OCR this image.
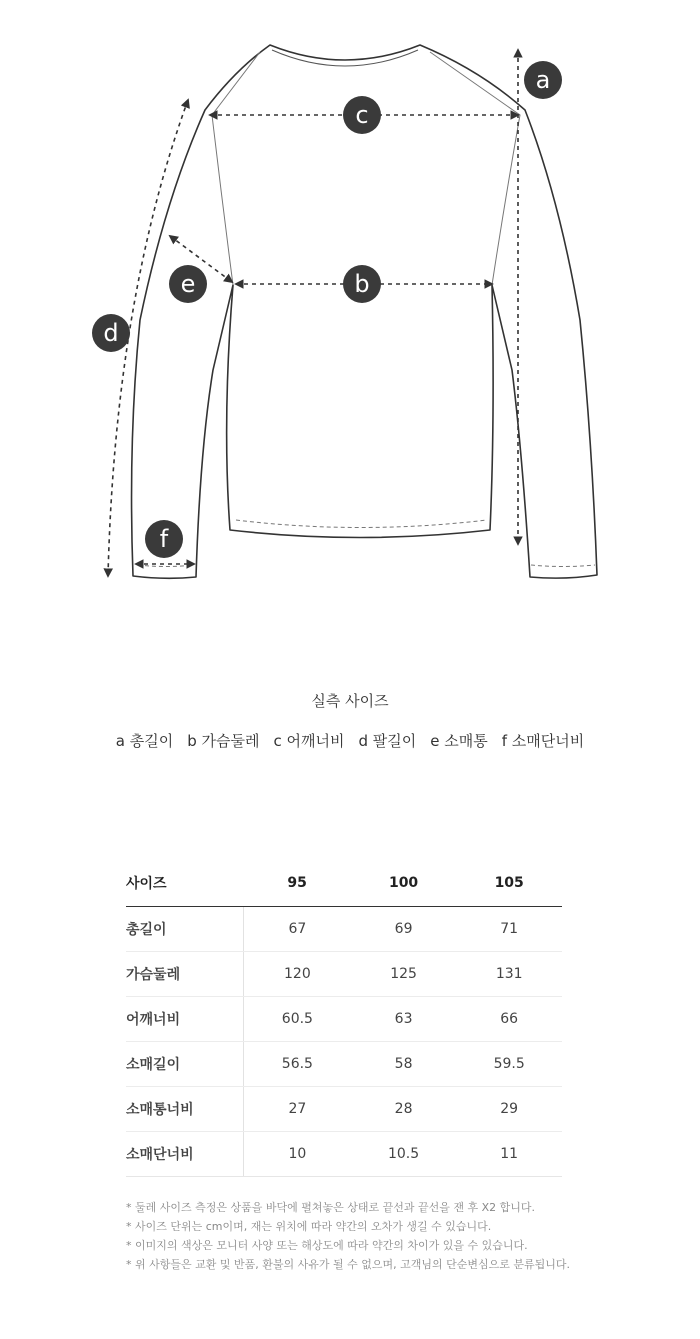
a
c
b
e
d
f
실측 사이즈
a 총길이 b 가슴둘레 c 어깨너비 d 팔길이 e 소매통 f 소매단너비
사이즈	95	100	105
총길이	67	69	71
가슴둘레	120	125	131
어깨너비	60.5	63	66
소매길이	56.5	58	59.5
소매통너비	27	28	29
소매단너비	10	10.5	11
* 둘레 사이즈 측정은 상품을 바닥에 펼쳐놓은 상태로 끝선과 끝선을 잰 후 X2 합니다.
* 사이즈 단위는 cm이며, 재는 위치에 따라 약간의 오차가 생길 수 있습니다.
* 이미지의 색상은 모니터 사양 또는 해상도에 따라 약간의 차이가 있을 수 있습니다.
* 위 사항들은 교환 및 반품, 환불의 사유가 될 수 없으며, 고객님의 단순변심으로 분류됩니다.
